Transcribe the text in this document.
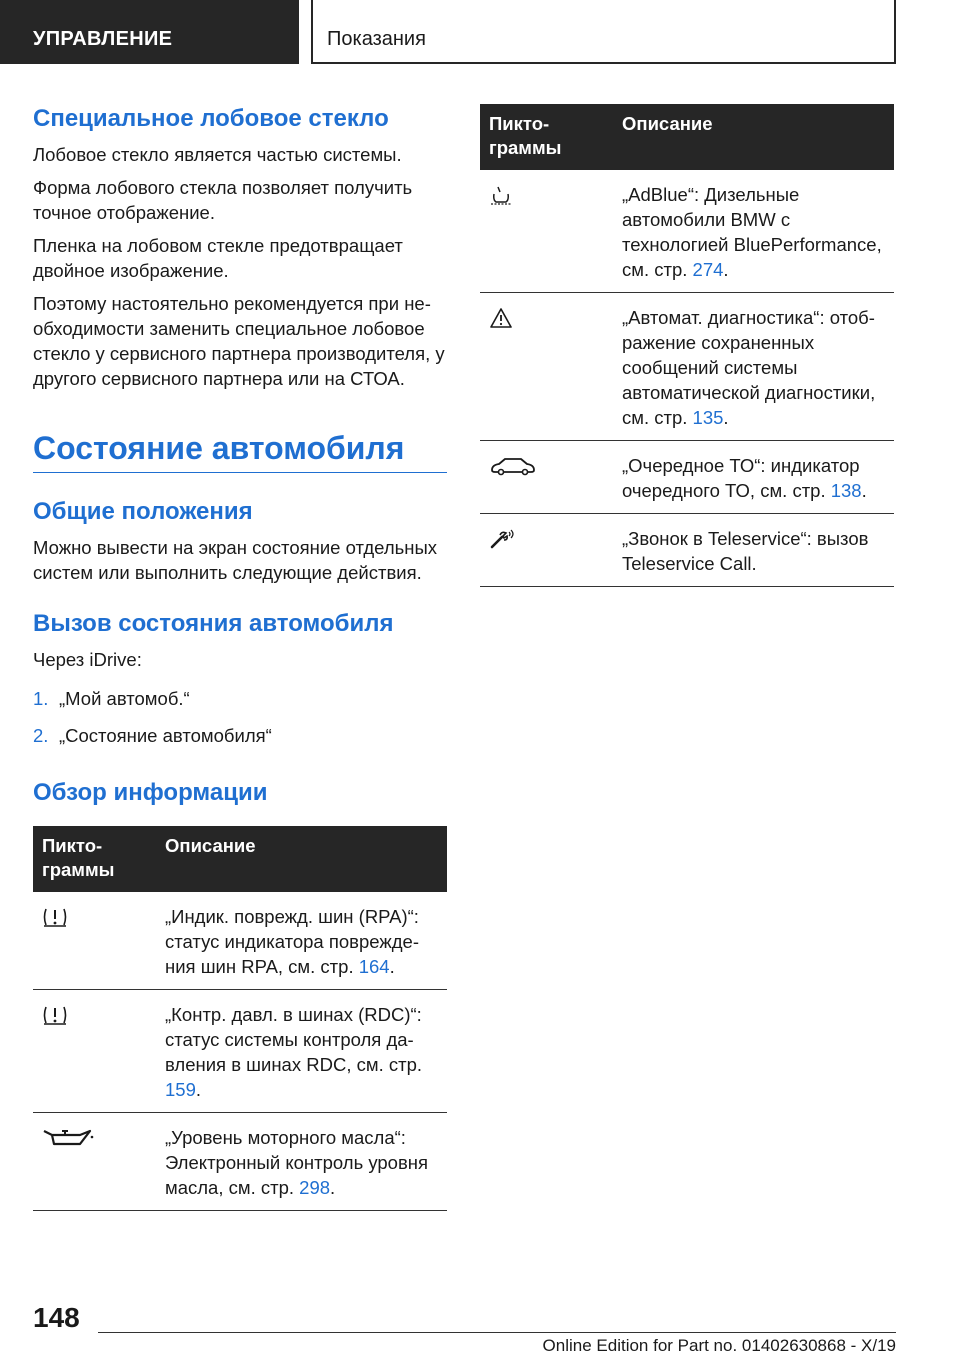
УПРАВЛЕНИЕ	Показания
Специальное лобовое стекло

Лобовое стекло является частью системы.

Форма лобового стекла позволяет получить точное отображение.

Пленка на лобовом стекле предотвращает двойное изображение.

Поэтому настоятельно рекомендуется при необходимости заменить специальное лобовое стекло у сервисного партнера производителя, у другого сервисного партнера или на СТОА.

Состояние автомобиля
Общие положения

Можно вывести на экран состояние отдельных систем или выполнить следующие действия.

Вызов состояния автомобиля

Через iDrive:

1. „Мой автомоб.“
2. „Состояние автомобиля“
Обзор информации
Пиктограммы	Описание

	„Индик. поврежд. шин (RPA)“: статус индикатора повреждения шин RPA, см. стр. 164.

	„Контр. давл. в шинах (RDC)“: статус системы контроля давления в шинах RDC, см. стр. 159.

	„Уровень моторного масла“: Электронный контроль уровня масла, см. стр. 298.
Пиктограммы	Описание

	„AdBlue“: Дизельные автомобили BMW с технологией BluePerformance, см. стр. 274.

	„Автомат. диагностика“: отображение сохраненных сообщений системы автоматической диагностики, см. стр. 135.

	„Очередное ТО“: индикатор очередного ТО, см. стр. 138.

	„Звонок в Teleservice“: вызов Teleservice Call.
148
Online Edition for Part no. 01402630868 - X/19
